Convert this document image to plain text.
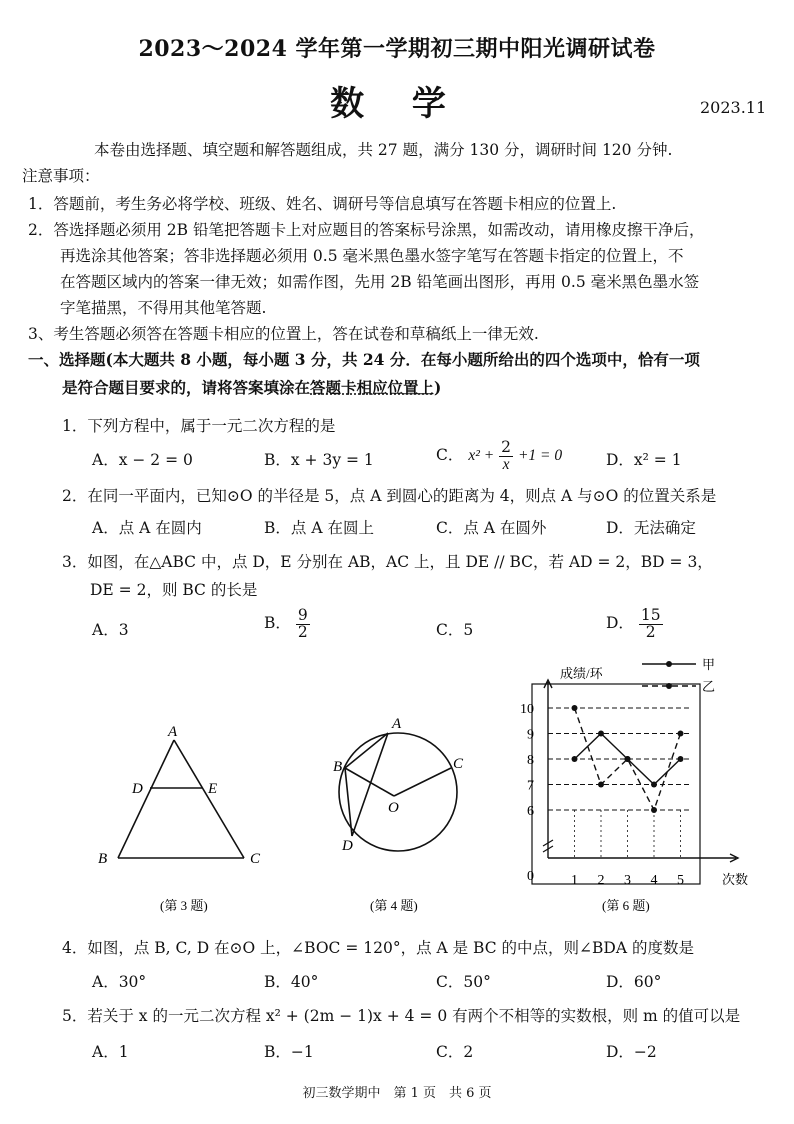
2023～2024 学年第一学期初三期中阳光调研试卷
数 学	2023.11
本卷由选择题、填空题和解答题组成，共 27 题，满分 130 分，调研时间 120 分钟.
注意事项：
1．答题前，考生务必将学校、班级、姓名、调研号等信息填写在答题卡相应的位置上.
2．答选择题必须用 2B 铅笔把答题卡上对应题目的答案标号涂黑，如需改动，请用橡皮擦干净后，
再选涂其他答案；答非选择题必须用 0.5 毫米黑色墨水签字笔写在答题卡指定的位置上，不
在答题区域内的答案一律无效；如需作图，先用 2B 铅笔画出图形，再用 0.5 毫米黑色墨水签
字笔描黑，不得用其他笔答题.
3、考生答题必须答在答题卡相应的位置上，答在试卷和草稿纸上一律无效.
一、选择题(本大题共 8 小题，每小题 3 分，共 24 分．在每小题所给出的四个选项中，恰有一项
是符合题目要求的，请将答案填涂在答题卡相应位置上)
1．下列方程中，属于一元二次方程的是
A．x − 2 = 0	B．x + 3y = 1	C． $x^2 + \frac{2}{x} +1 = 0$	D．x² = 1
2．在同一平面内，已知⊙O 的半径是 5，点 A 到圆心的距离为 4，则点 A 与⊙O 的位置关系是
A．点 A 在圆内	B．点 A 在圆上	C．点 A 在圆外	D．无法确定
3．如图，在△ABC 中，点 D，E 分别在 AB，AC 上，且 DE // BC，若 AD = 2，BD = 3，
DE = 2，则 BC 的长是
A．3	B． $\frac{9}{2}$	C．5	D． $\frac{15}{2}$
A
D	E
B	C
(第 3 题)
A
B	C
D
O
(第 4 题)
6
7
8
9
10
1 2 3 4 5
0
成绩/环
次数
甲
乙
(第 6 题)
4．如图，点 B, C, D 在⊙O 上，∠BOC = 120°，点 A 是 BC 的中点，则∠BDA 的度数是
A．30°	B．40°	C．50°	D．60°
5．若关于 x 的一元二次方程 x² + (2m − 1)x + 4 = 0 有两个不相等的实数根，则 m 的值可以是
A．1	B．−1	C．2	D．−2
初三数学期中　第 1 页　共 6 页
